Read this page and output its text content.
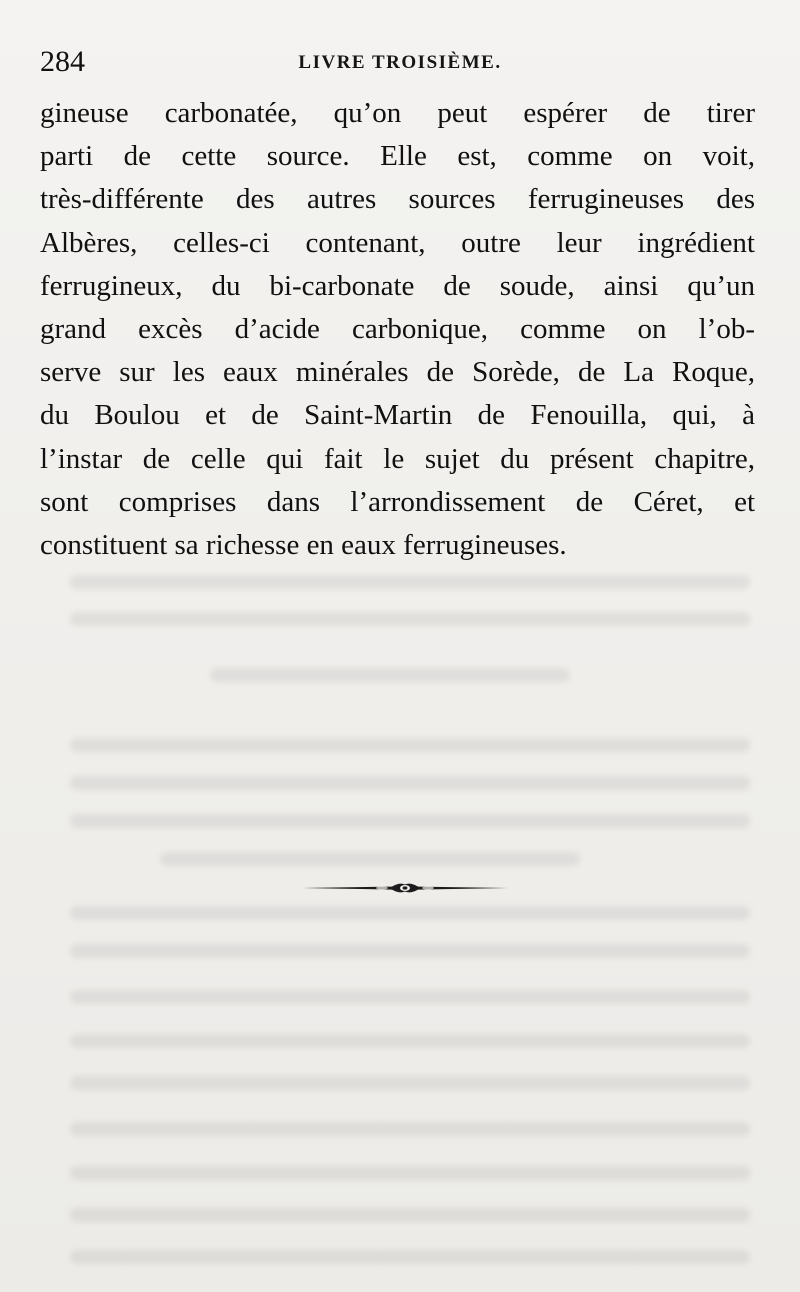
284	LIVRE TROISIÈME.
gineuse carbonatée, qu’on peut espérer de tirer
parti de cette source. Elle est, comme on voit,
très-différente des autres sources ferrugineuses des
Albères, celles-ci contenant, outre leur ingrédient
ferrugineux, du bi-carbonate de soude, ainsi qu’un
grand excès d’acide carbonique, comme on l’ob-
serve sur les eaux minérales de Sorède, de La Roque,
du Boulou et de Saint-Martin de Fenouilla, qui, à
l’instar de celle qui fait le sujet du présent chapitre,
sont comprises dans l’arrondissement de Céret, et
constituent sa richesse en eaux ferrugineuses.
